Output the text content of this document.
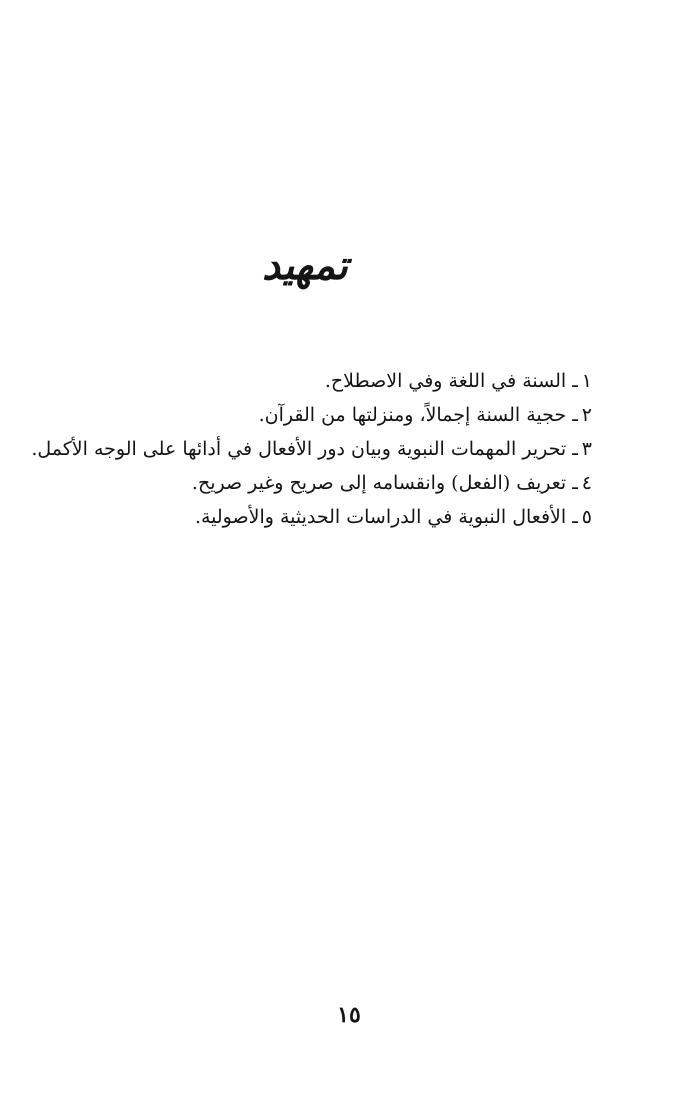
تمهيد
١ـ السنة في اللغة وفي الاصطلاح.
٢ـ حجية السنة إجمالاً، ومنزلتها من القرآن.
٣ـ تحرير المهمات النبوية وبيان دور الأفعال في أدائها على الوجه الأكمل.
٤ـ تعريف (الفعل) وانقسامه إلى صريح وغير صريح.
٥ـ الأفعال النبوية في الدراسات الحديثية والأصولية.
١٥
